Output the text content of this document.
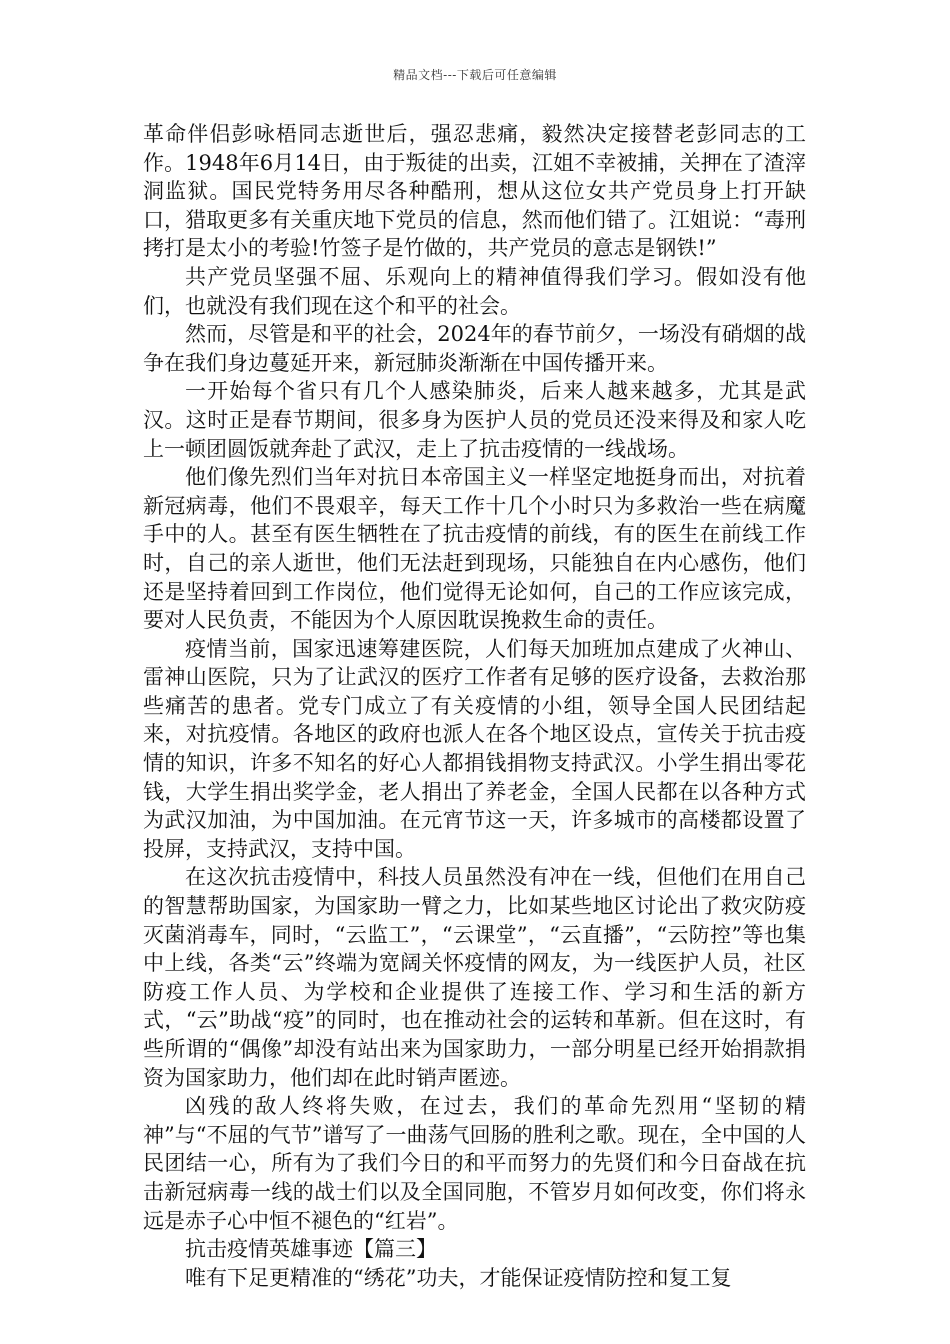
精品文档---下载后可任意编辑

革命伴侣彭咏梧同志逝世后，强忍悲痛，毅然决定接替老彭同志的工作。1948年6月14日，由于叛徒的出卖，江姐不幸被捕，关押在了渣滓洞监狱。国民党特务用尽各种酷刑，想从这位女共产党员身上打开缺口，猎取更多有关重庆地下党员的信息，然而他们错了。江姐说：“毒刑拷打是太小的考验!竹签子是竹做的，共产党员的意志是钢铁!”

共产党员坚强不屈、乐观向上的精神值得我们学习。假如没有他们，也就没有我们现在这个和平的社会。

然而，尽管是和平的社会，2024年的春节前夕，一场没有硝烟的战争在我们身边蔓延开来，新冠肺炎渐渐在中国传播开来。

一开始每个省只有几个人感染肺炎，后来人越来越多，尤其是武汉。这时正是春节期间，很多身为医护人员的党员还没来得及和家人吃上一顿团圆饭就奔赴了武汉，走上了抗击疫情的一线战场。

他们像先烈们当年对抗日本帝国主义一样坚定地挺身而出，对抗着新冠病毒，他们不畏艰辛，每天工作十几个小时只为多救治一些在病魔手中的人。甚至有医生牺牲在了抗击疫情的前线，有的医生在前线工作时，自己的亲人逝世，他们无法赶到现场，只能独自在内心感伤，他们还是坚持着回到工作岗位，他们觉得无论如何，自己的工作应该完成，要对人民负责，不能因为个人原因耽误挽救生命的责任。

疫情当前，国家迅速筹建医院，人们每天加班加点建成了火神山、雷神山医院，只为了让武汉的医疗工作者有足够的医疗设备，去救治那些痛苦的患者。党专门成立了有关疫情的小组，领导全国人民团结起来，对抗疫情。各地区的政府也派人在各个地区设点，宣传关于抗击疫情的知识，许多不知名的好心人都捐钱捐物支持武汉。小学生捐出零花钱，大学生捐出奖学金，老人捐出了养老金，全国人民都在以各种方式为武汉加油，为中国加油。在元宵节这一天，许多城市的高楼都设置了投屏，支持武汉，支持中国。

在这次抗击疫情中，科技人员虽然没有冲在一线，但他们在用自己的智慧帮助国家，为国家助一臂之力，比如某些地区讨论出了救灾防疫灭菌消毒车，同时，“云监工”，“云课堂”，“云直播”，“云防控”等也集中上线，各类“云”终端为宽阔关怀疫情的网友，为一线医护人员，社区防疫工作人员、为学校和企业提供了连接工作、学习和生活的新方式，“云”助战“疫”的同时，也在推动社会的运转和革新。但在这时，有些所谓的“偶像”却没有站出来为国家助力，一部分明星已经开始捐款捐资为国家助力，他们却在此时销声匿迹。

凶残的敌人终将失败，在过去，我们的革命先烈用“坚韧的精神”与“不屈的气节”谱写了一曲荡气回肠的胜利之歌。现在，全中国的人民团结一心，所有为了我们今日的和平而努力的先贤们和今日奋战在抗击新冠病毒一线的战士们以及全国同胞，不管岁月如何改变，你们将永远是赤子心中恒不褪色的“红岩”。

抗击疫情英雄事迹【篇三】

唯有下足更精准的“绣花”功夫，才能保证疫情防控和复工复
